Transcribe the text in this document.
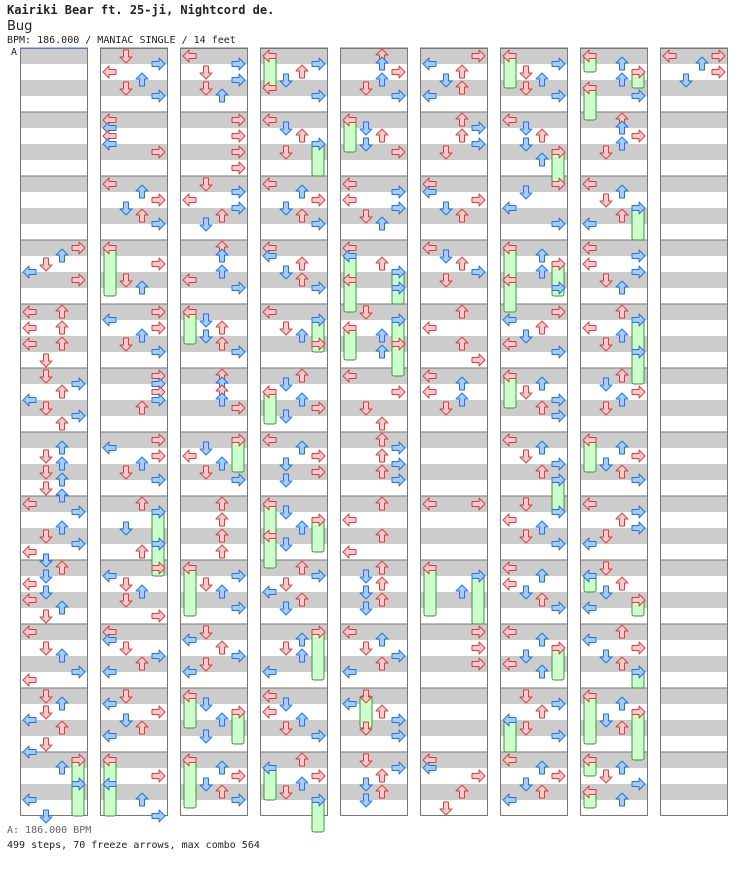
Kairiki Bear ft. 25-ji, Nightcord de.
Bug
BPM: 186.000 / MANIAC SINGLE / 14 feet
A
A: 186.000 BPM
499 steps, 70 freeze arrows, max combo 564
